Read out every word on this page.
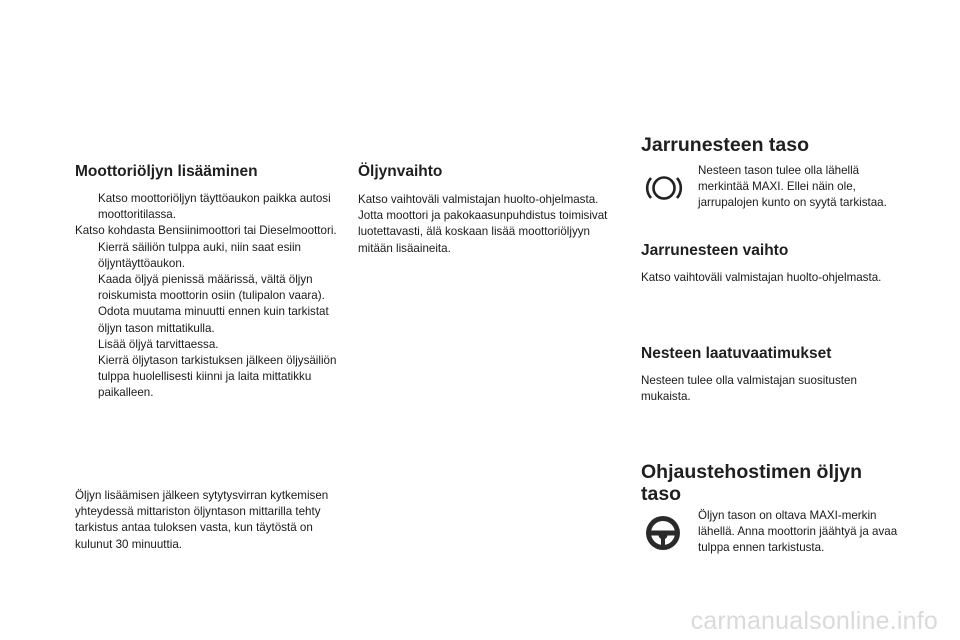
Moottoriöljyn lisääminen
Katso moottoriöljyn täyttöaukon paikka autosi moottoritilassa.
Katso kohdasta Bensiinimoottori tai Dieselmoottori.
Kierrä säiliön tulppa auki, niin saat esiin öljyntäyttöaukon.
Kaada öljyä pienissä määrissä, vältä öljyn roiskumista moottorin osiin (tulipalon vaara).
Odota muutama minuutti ennen kuin tarkistat öljyn tason mittatikulla.
Lisää öljyä tarvittaessa.
Kierrä öljytason tarkistuksen jälkeen öljysäiliön tulppa huolellisesti kiinni ja laita mittatikku paikalleen.

Öljyn lisäämisen jälkeen sytytysvirran kytkemisen yhteydessä mittariston öljyntason mittarilla tehty tarkistus antaa tuloksen vasta, kun täytöstä on kulunut 30 minuuttia.

Öljynvaihto

Katso vaihtoväli valmistajan huolto-ohjelmasta. Jotta moottori ja pakokaasunpuhdistus toimisivat luotettavasti, älä koskaan lisää moottoriöljyyn mitään lisäaineita.

Jarrunesteen taso

Nesteen tason tulee olla lähellä merkintää MAXI. Ellei näin ole, jarrupalojen kunto on syytä tarkistaa.

Jarrunesteen vaihto

Katso vaihtoväli valmistajan huolto-ohjelmasta.

Nesteen laatuvaatimukset

Nesteen tulee olla valmistajan suositusten mukaista.

Ohjaustehostimen öljyn taso

Öljyn tason on oltava MAXI-merkin lähellä. Anna moottorin jäähtyä ja avaa tulppa ennen tarkistusta.

carmanualsonline.info
